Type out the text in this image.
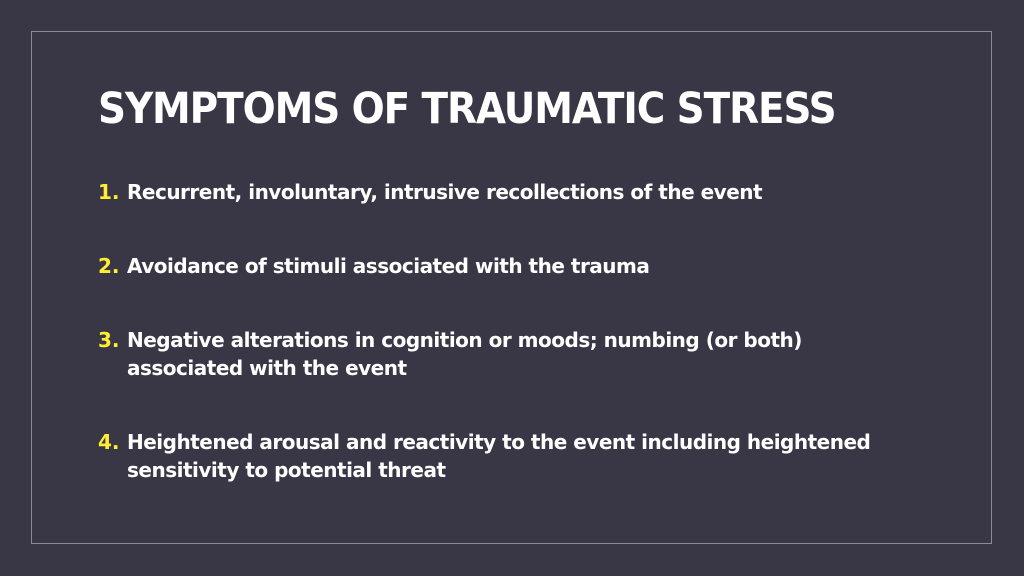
SYMPTOMS OF TRAUMATIC STRESS
1. Recurrent, involuntary, intrusive recollections of the event
2. Avoidance of stimuli associated with the trauma
3. Negative alterations in cognition or moods; numbing (or both) associated with the event
4. Heightened arousal and reactivity to the event including heightened sensitivity to potential threat
